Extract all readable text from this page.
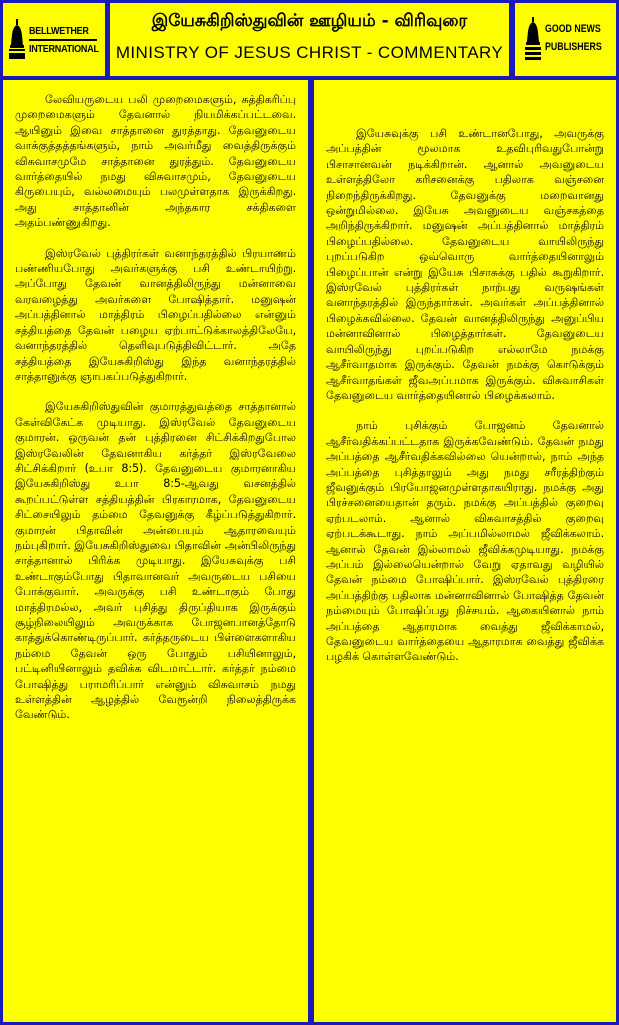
BELLWETHER
INTERNATIONAL
இயேசுகிறிஸ்துவின் ஊழியம் - விரிவுரை
MINISTRY OF JESUS CHRIST - COMMENTARY
GOOD NEWS
PUBLISHERS

லேவியருடைய பலி முறைமைகளும், சுத்திகரிப்பு முறைமைகளும் தேவனால் நியமிக்கப்பட்டவை. ஆயினும் இவை சாத்தானை துரத்தாது. தேவனுடைய வாக்குத்தத்தங்களும், நாம் அவர்மீது வைத்திருக்கும் விசுவாசமுமே சாத்தானை துரத்தும். தேவனுடைய வார்த்தையில் நமது விசுவாசமும், தேவனுடைய கிருபையும், வல்லமையும் பலமுள்ளதாக இருக்கிறது. அது சாத்தானின் அந்தகார சக்திகளை அதம்பண்ணுகிறது.

இஸ்ரவேல் புத்திரர்கள் வனாந்தரத்தில் பிரயாணம் பண்ணியபோது அவர்களுக்கு பசி உண்டாயிற்று. அப்போது தேவன் வானத்திலிருந்து மன்னாவை வரவழைத்து அவர்களை போஷித்தார். மனுஷன் அப்பத்தினால் மாத்திரம் பிழைப்பதில்லை என்னும் சத்தியத்தை தேவன் பழைய ஏற்பாட்டுக்காலத்திலேயே, வனாந்தரத்தில் தெளிவுபடுத்திவிட்டார். அதே சத்தியத்தை இயேசுகிறிஸ்து இந்த வனாந்தரத்தில் சாத்தானுக்கு ஞாபகப்படுத்துகிறார்.

இயேசுகிறிஸ்துவின் குமாரத்துவத்தை சாத்தானால் கேள்விகேட்க முடியாது. இஸ்ரவேல் தேவனுடைய குமாரன். ஒருவன் தன் புத்திரனை சிட்சிக்கிறதுபோல இஸ்ரவேலின் தேவனாகிய கர்த்தர் இஸ்ரவேலை சிட்சிக்கிறார் (உபா 8:5). தேவனுடைய குமாரனாகிய இயேசுகிறிஸ்து உபா 8:5-ஆவது வசனத்தில் கூறப்பட்டுள்ள சத்தியத்தின் பிரகாரமாக, தேவனுடைய சிட்சையிலும் தம்மை தேவனுக்கு கீழ்ப்படுத்துகிறார். குமாரன் பிதாவின் அன்பையும் ஆதாரவையும் நம்புகிறார். இயேசுகிறிஸ்துவை பிதாவின் அன்பிலிருந்து சாத்தானால் பிரிக்க முடியாது. இயேசுவுக்கு பசி உண்டாகும்போது பிதாவானவர் அவருடைய பசியை போக்குவார். அவருக்கு பசி உண்டாகும் போது மாத்திரமல்ல, அவர் புசித்து திருப்தியாக இருக்கும் சூழ்நிலையிலும் அவருக்காக போஜனபானத்தோடு காத்துக்கொண்டிருப்பார். கர்த்தருடைய பிள்ளைகளாகிய நம்மை தேவன் ஒரு போதும் பசியினாலும், பட்டினியினாலும் தவிக்க விடமாட்டார். கர்த்தர் நம்மை போஷித்து பராமரிப்பார் என்னும் விசுவாசம் நமது உள்ளத்தின் ஆழத்தில் வேரூன்றி நிலைத்திருக்க வேண்டும்.

இயேசுவுக்கு பசி உண்டானபோது, அவருக்கு அப்பத்தின் மூலமாக உதவிபுரிவதுபோன்று பிசாசானவன் நடிக்கிறான். ஆனால் அவனுடைய உள்ளத்திலோ கரிசனைக்கு பதிலாக வஞ்சனை நிறைந்திருக்கிறது. தேவனுக்கு மறைவானது ஒன்றுமில்லை. இயேசு அவனுடைய வஞ்சகத்தை அறிந்திருக்கிறார். மனுஷன் அப்பத்தினால் மாத்திரம் பிழைப்பதில்லை. தேவனுடைய வாயிலிருந்து புறப்படுகிற ஒவ்வொரு வார்த்தையினாலும் பிழைப்பான் என்று இயேசு பிசாசுக்கு பதில் கூறுகிறார். இஸ்ரவேல் புத்திரர்கள் நாற்பது வருஷங்கள் வனாந்தரத்தில் இருந்தார்கள். அவர்கள் அப்பத்தினால் பிழைக்கவில்லை. தேவன் வானத்திலிருந்து அனுப்பிய மன்னாவினால் பிழைத்தார்கள். தேவனுடைய வாயிலிருந்து புறப்படுகிற எல்லாமே நமக்கு ஆசீர்வாதமாக இருக்கும். தேவன் நமக்கு கொடுக்கும் ஆசீர்வாதங்கள் ஜீவஅப்பமாக இருக்கும். விசுவாசிகள் தேவனுடைய வார்த்தையினால் பிழைக்கலாம்.

நாம் புசிக்கும் போஜனம் தேவனால் ஆசீர்வதிக்கப்பட்டதாக இருக்கவேண்டும். தேவன் நமது அப்பத்தை ஆசீர்வதிக்கவில்லை யென்றால், நாம் அந்த அப்பத்தை புசித்தாலும் அது நமது சரீரத்திற்கும் ஜீவனுக்கும் பிரயோஜனமுள்ளதாகயிராது. நமக்கு அது பிரச்சனையைதான் தரும். நமக்கு அப்பத்தில் குறைவு ஏற்படலாம். ஆனால் விசுவாசத்தில் குறைவு ஏற்படக்கூடாது. நாம் அப்பமில்லாமல் ஜீவிக்கலாம். ஆனால் தேவன் இல்லாமல் ஜீவிக்கமுடியாது. நமக்கு அப்பம் இல்லையென்றால் வேறு ஏதாவது வழியில் தேவன் நம்மை போஷிப்பார். இஸ்ரவேல் புத்திரரை அப்பத்திற்கு பதிலாக மன்னாவினால் போஷித்த தேவன் நம்மையும் போஷிப்பது நிச்சயம். ஆகையினால் நாம் அப்பத்தை ஆதாரமாக வைத்து ஜீவிக்காமல், தேவனுடைய வார்த்தையை ஆதாரமாக வைத்து ஜீவிக்க பழகிக் கொள்ளவேண்டும்.
